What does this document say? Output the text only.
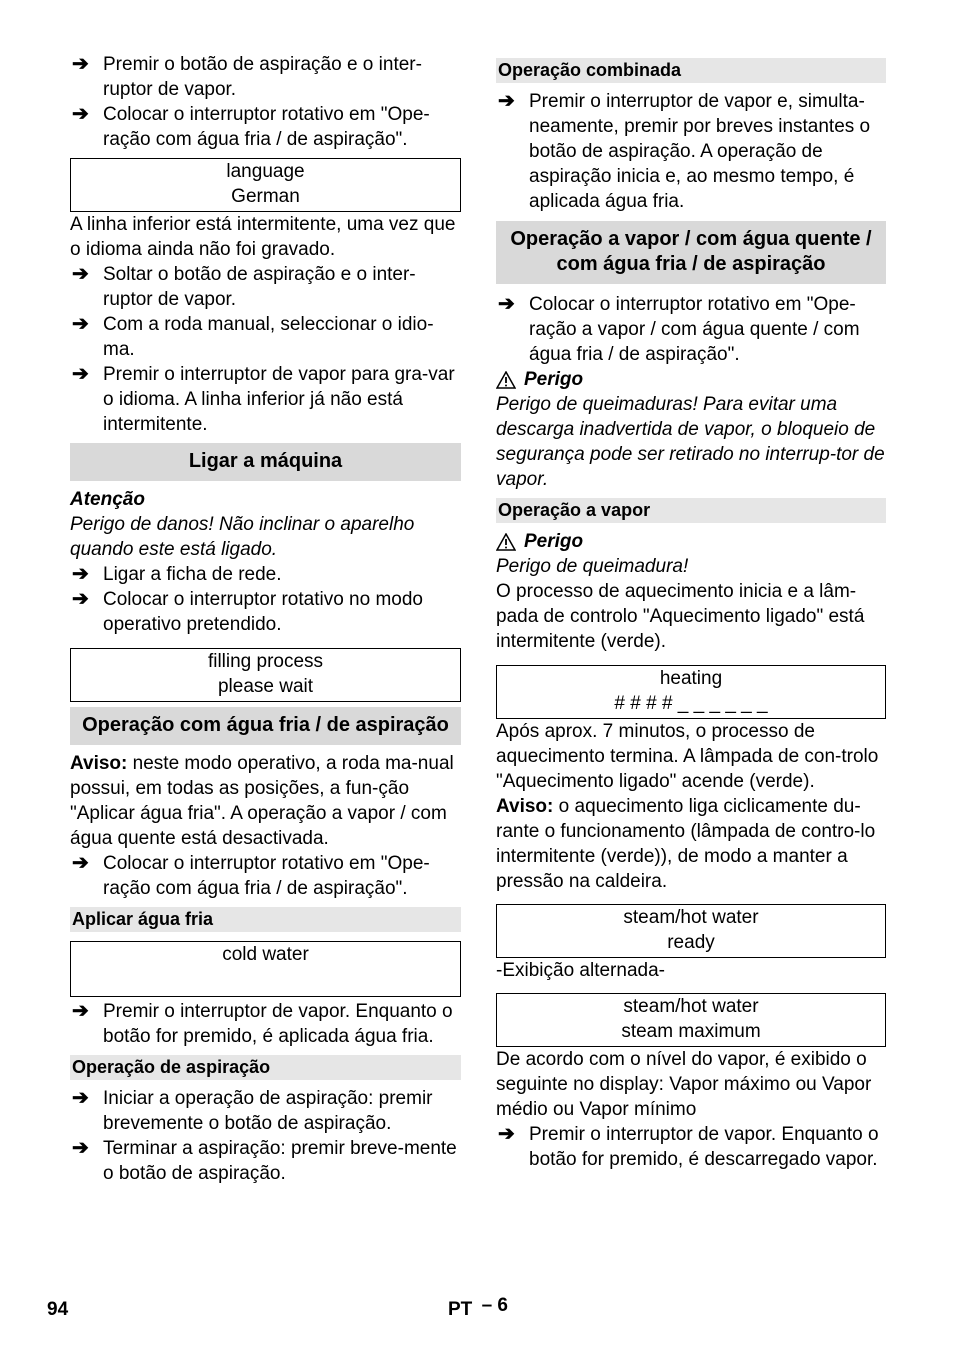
➔ Premir o botão de aspiração e o inter-ruptor de vapor.

➔ Colocar o interruptor rotativo em "Ope-ração com água fria / de aspiração".

language

German

A linha inferior está intermitente, uma vez que o idioma ainda não foi gravado.

➔ Soltar o botão de aspiração e o inter-ruptor de vapor.

➔ Com a roda manual, seleccionar o idio-ma.

➔ Premir o interruptor de vapor para gra-var o idioma. A linha inferior já não está intermitente.

Ligar a máquina

Atenção

Perigo de danos! Não inclinar o aparelho quando este está ligado.

➔ Ligar a ficha de rede.

➔ Colocar o interruptor rotativo no modo operativo pretendido.

filling process

please wait

Operação com água fria / de aspiração

Aviso: neste modo operativo, a roda ma-nual possui, em todas as posições, a fun-ção "Aplicar água fria". A operação a vapor / com água quente está desactivada.

➔ Colocar o interruptor rotativo em "Ope-ração com água fria / de aspiração".

Aplicar água fria

cold water

➔ Premir o interruptor de vapor. Enquanto o botão for premido, é aplicada água fria.

Operação de aspiração
➔ Iniciar a operação de aspiração: premir brevemente o botão de aspiração.

➔ Terminar a aspiração: premir breve-mente o botão de aspiração.

Operação combinada
➔ Premir o interruptor de vapor e, simulta-neamente, premir por breves instantes o botão de aspiração. A operação de aspiração inicia e, ao mesmo tempo, é aplicada água fria.

Operação a vapor / com água quente / com água fria / de aspiração
➔ Colocar o interruptor rotativo em "Ope-ração a vapor / com água quente / com água fria / de aspiração".

Perigo

Perigo de queimaduras! Para evitar uma descarga inadvertida de vapor, o bloqueio de segurança pode ser retirado no interrup-tor de vapor.

Operação a vapor
Perigo

Perigo de queimadura!

O processo de aquecimento inicia e a lâm-pada de controlo "Aquecimento ligado" está intermitente (verde).

heating

# # # # _ _ _ _ _ _

Após aprox. 7 minutos, o processo de aquecimento termina. A lâmpada de con-trolo "Aquecimento ligado" acende (verde).

Aviso: o aquecimento liga ciclicamente du-rante o funcionamento (lâmpada de contro-lo intermitente (verde)), de modo a manter a pressão na caldeira.

steam/hot water

ready

-Exibição alternada-

steam/hot water

steam maximum

De acordo com o nível do vapor, é exibido o seguinte no display: Vapor máximo ou Vapor médio ou Vapor mínimo

➔ Premir o interruptor de vapor. Enquanto o botão for premido, é descarregado vapor.

94	PT – 6
